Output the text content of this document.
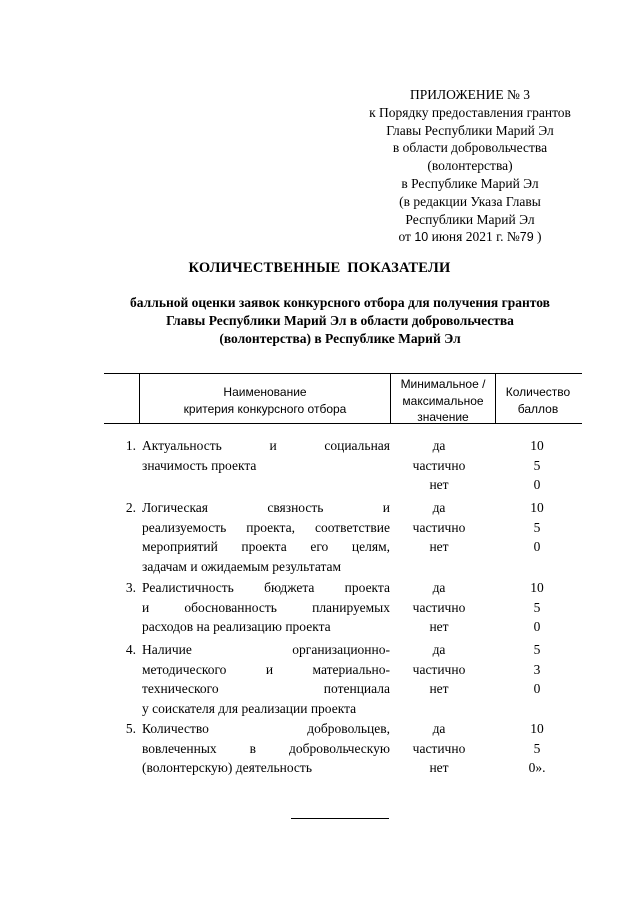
ПРИЛОЖЕНИЕ № 3
к Порядку предоставления грантов
Главы Республики Марий Эл
в области добровольчества
(волонтерства)
в Республике Марий Эл
(в редакции Указа Главы
Республики Марий Эл
от 10 июня 2021 г. №79 )
КОЛИЧЕСТВЕННЫЕ ПОКАЗАТЕЛИ
балльной оценки заявок конкурсного отбора для получения грантов
Главы Республики Марий Эл в области добровольчества
(волонтерства) в Республике Марий Эл
Наименование
критерия конкурсного отбора
Минимальное /
максимальное
значение
Количество
баллов
1. Актуальность и социальная
значимость проекта
да
частично
нет
10
5
0
2. Логическая связность и
реализуемость проекта, соответствие
мероприятий проекта его целям,
задачам и ожидаемым результатам
да
частично
нет
10
5
0
3. Реалистичность бюджета проекта
и обоснованность планируемых
расходов на реализацию проекта
да
частично
нет
10
5
0
4. Наличие организационно-
методического и материально-
технического потенциала
у соискателя для реализации проекта
да
частично
нет
5
3
0
5. Количество добровольцев,
вовлеченных в добровольческую
(волонтерскую) деятельность
да
частично
нет
10
5
0».
